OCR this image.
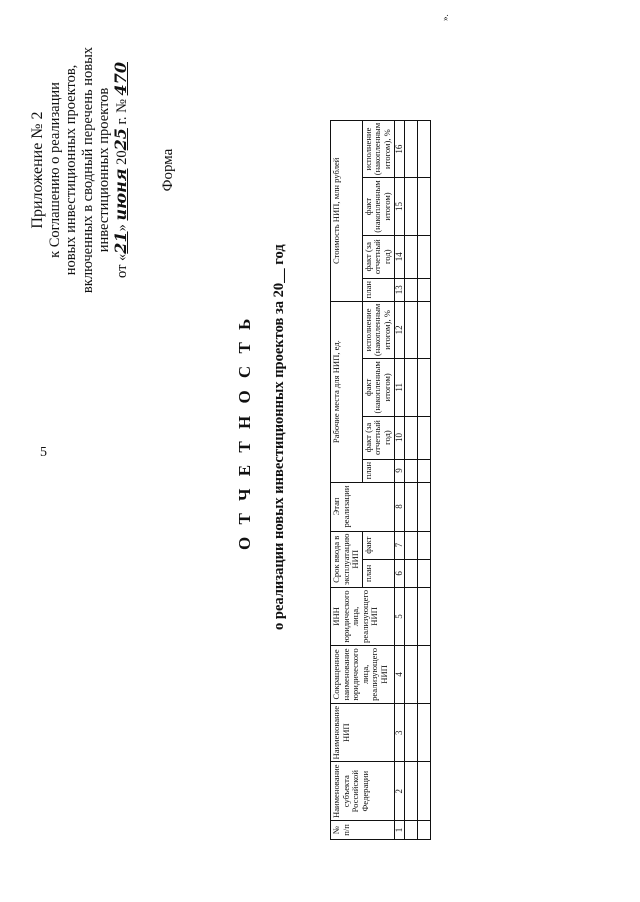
5
Приложение № 2 к Соглашению о реализации новых инвестиционных проектов, включенных в сводный перечень новых инвестиционных проектов
от «21» июня 2025 г. № 470
Форма
О Т Ч Е Т Н О С Т Ь о реализации новых инвестиционных проектов за 20__ год
№ п/п	Наименование субъекта Российской Федерации	Наименование НИП	Сокращенное наименование юридического лица, реализующего НИП	ИНН юридического лица, реализующего НИП	Срок ввода в эксплуатацию НИП		Этап реализации	Рабочие места для НИП, ед.				Стоимость НИП, млн рублей			
					план	факт		план	факт (за отчетный год)	факт (накопленным итогом)	исполнение (накопленным итогом), %	план	факт (за отчетный год)	факт (накопленным итогом)	исполнение (накопленным итогом), %
1	2	3	4	5	6	7	8	9	10	11	12	13	14	15	16

».
